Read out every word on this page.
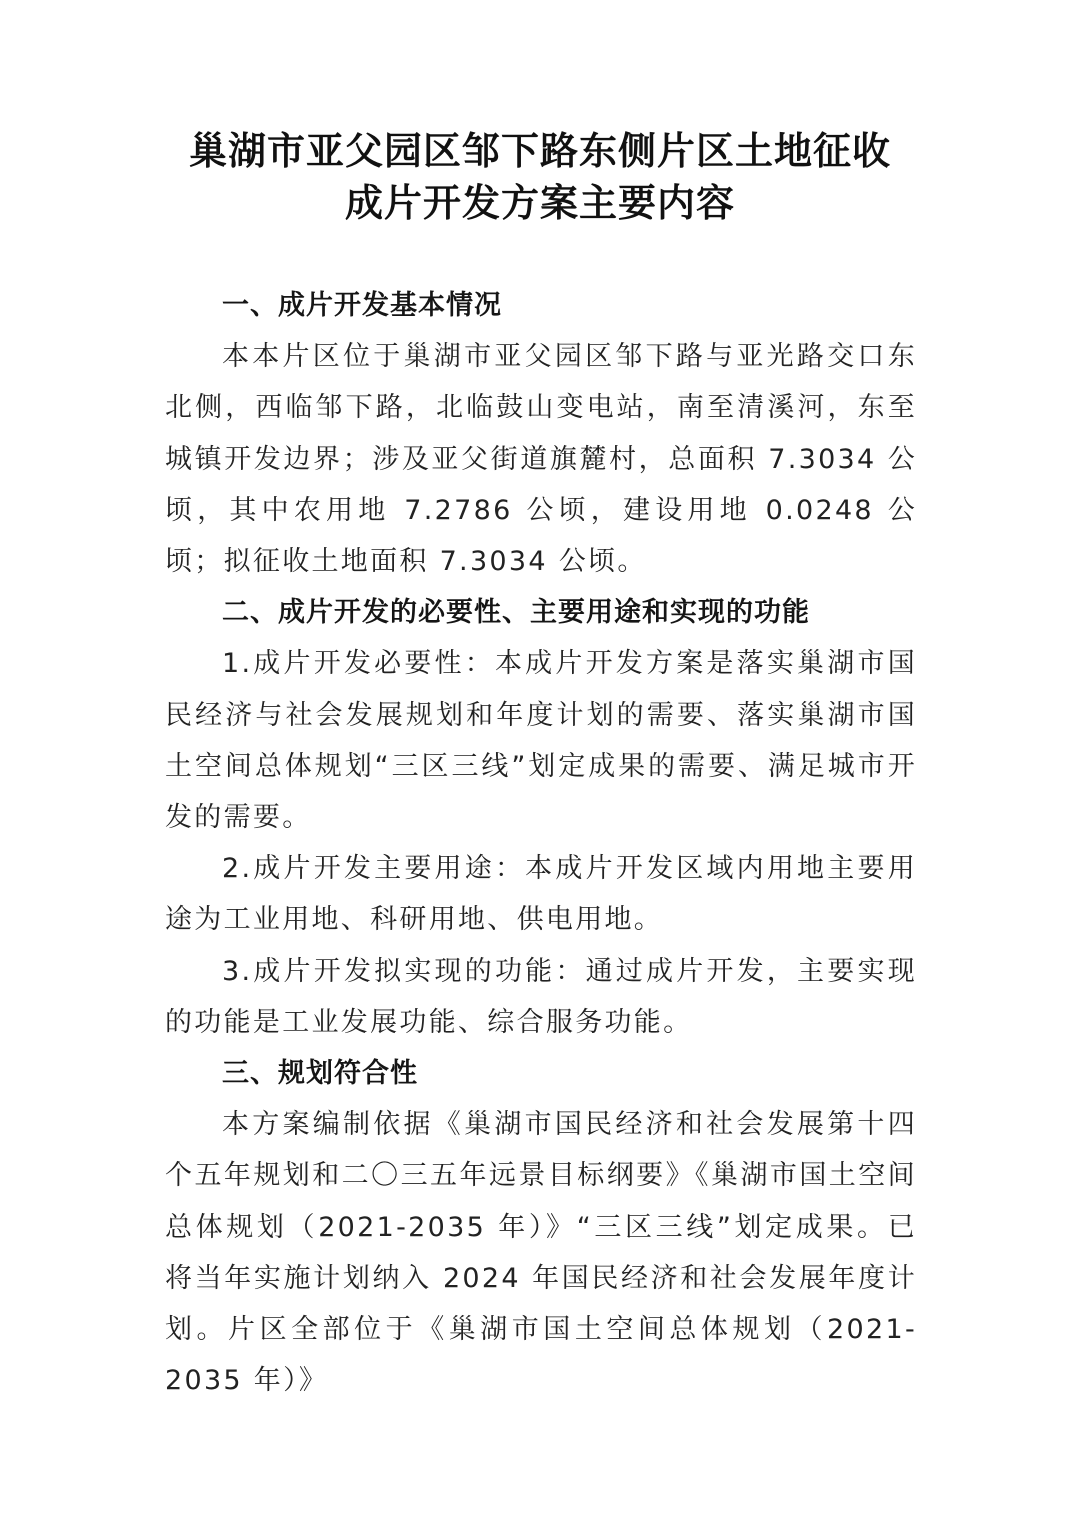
巢湖市亚父园区邹下路东侧片区土地征收
成片开发方案主要内容

一、成片开发基本情况

本本片区位于巢湖市亚父园区邹下路与亚光路交口东北侧，西临邹下路，北临鼓山变电站，南至清溪河，东至城镇开发边界；涉及亚父街道旗麓村，总面积 7.3034 公顷，其中农用地 7.2786 公顷，建设用地 0.0248 公顷；拟征收土地面积 7.3034 公顷。

二、成片开发的必要性、主要用途和实现的功能

1.成片开发必要性：本成片开发方案是落实巢湖市国民经济与社会发展规划和年度计划的需要、落实巢湖市国土空间总体规划“三区三线”划定成果的需要、满足城市开发的需要。

2.成片开发主要用途：本成片开发区域内用地主要用途为工业用地、科研用地、供电用地。

3.成片开发拟实现的功能：通过成片开发，主要实现的功能是工业发展功能、综合服务功能。

三、规划符合性

本方案编制依据《巢湖市国民经济和社会发展第十四个五年规划和二〇三五年远景目标纲要》《巢湖市国土空间总体规划（2021-2035 年）》“三区三线”划定成果。已将当年实施计划纳入 2024 年国民经济和社会发展年度计划。片区全部位于《巢湖市国土空间总体规划（2021-2035 年）》
